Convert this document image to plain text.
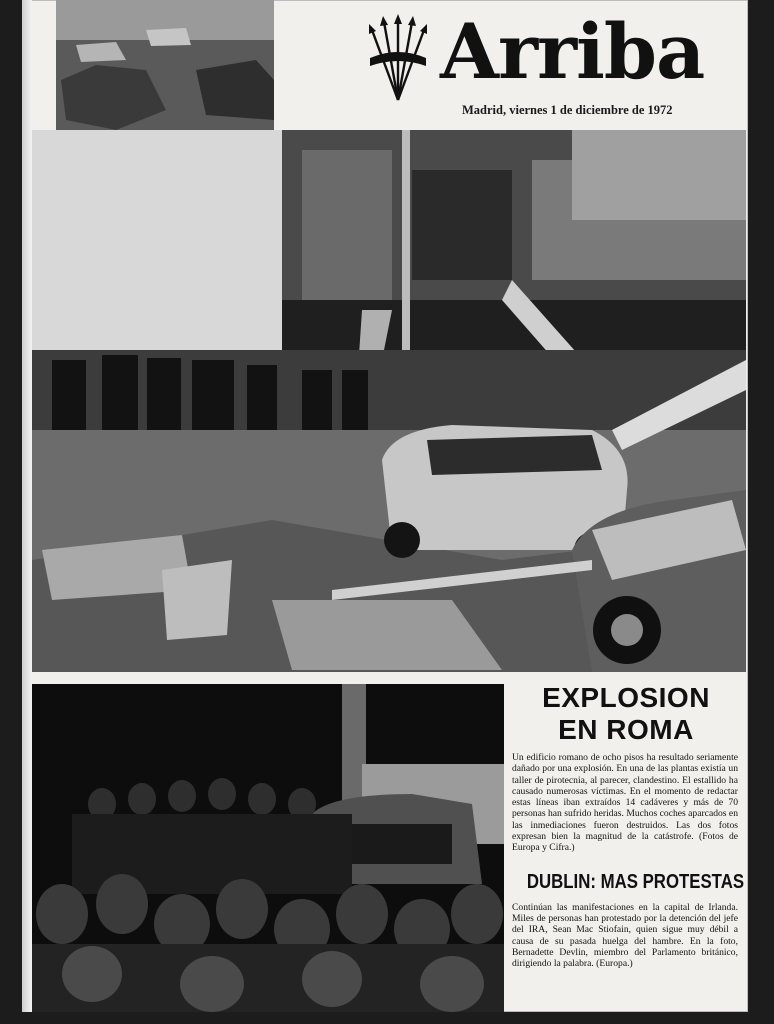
Arriba
Madrid, viernes 1 de diciembre de 1972
EXPLOSION
EN ROMA

Un edificio romano de ocho pisos ha resultado seriamente dañado por una explosión. En una de las plantas existía un taller de pirotecnia, al parecer, clandestino. El estallido ha causado numerosas víctimas. En el momento de redactar estas líneas iban extraídos 14 cadáveres y más de 70 personas han sufrido heridas. Muchos coches aparcados en las inmediaciones fueron destruidos. Las dos fotos expresan bien la magnitud de la catástrofe. (Fotos de Europa y Cifra.)

DUBLIN: MAS PROTESTAS

Continúan las manifestaciones en la capital de Irlanda. Miles de personas han protestado por la detención del jefe del IRA, Sean Mac Stiofain, quien sigue muy débil a causa de su pasada huelga del hambre. En la foto, Bernadette Devlin, miembro del Parlamento británico, dirigiendo la palabra. (Europa.)
